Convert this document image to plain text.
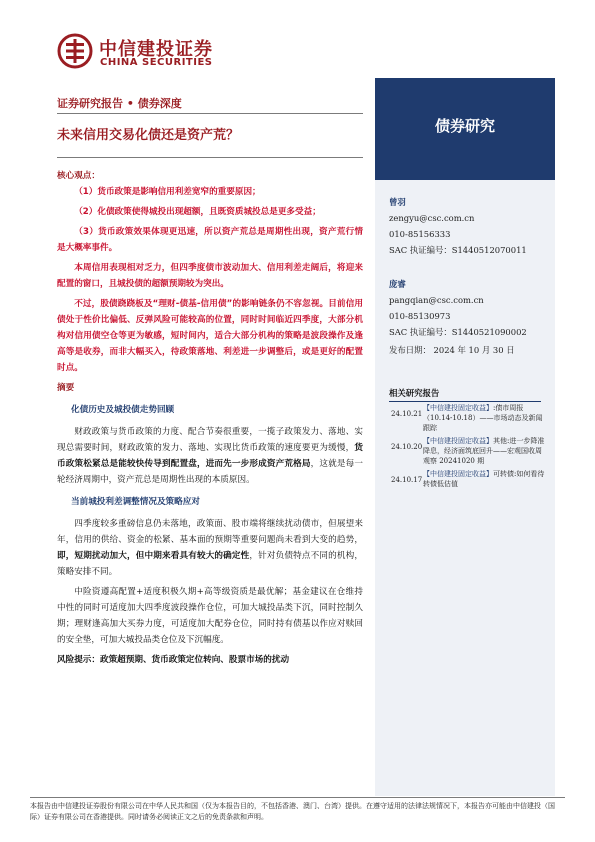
中信建投证券
CHINA SECURITIES
证券研究报告 • 债券深度
未来信用交易化债还是资产荒？
核心观点：
（1）货币政策是影响信用利差宽窄的重要原因；
（2）化债政策使得城投出现超额，且既资质城投总是更多受益；
（3）货币政策效果体现更迅速，所以资产荒总是周期性出现，资产荒行情是大概率事件。
本周信用表现相对乏力，但四季度债市波动加大、信用利差走阔后，将迎来配置的窗口，且城投债的超额预期较为突出。
不过，股债跷跷板及“理财-债基-信用债”的影响链条仍不容忽视。目前信用债处于性价比偏低、反弹风险可能较高的位置，同时时间临近四季度，大部分机构对信用债空仓等更为敏感，短时间内，适合大部分机构的策略是波段操作及逢高等是收券，而非大幅买入，待政策落地、利差进一步调整后，或是更好的配置时点。
摘要
化债历史及城投债走势回顾
财政政策与货币政策的力度、配合节奏很重要，一揽子政策发力、落地、实现总需要时间，财政政策的发力、落地、实现比货币政策的速度要更为缓慢，货币政策松紧总是能较快传导到配置盘，进而先一步形成资产荒格局，这就是每一轮经济周期中，资产荒总是周期性出现的本质原因。
当前城投利差调整情况及策略应对
四季度较多重磅信息仍未落地，政策面、股市端将继续扰动债市，但展望来年，信用的供给、资金的松紧、基本面的预期等重要问题尚未看到大变的趋势，即，短期扰动加大，但中期来看具有较大的确定性，针对负债特点不同的机构，策略安排不同。
中险资遵高配置+适度积极久期+高等级资质是最优解；基金建议在仓维持中性的同时可适度加大四季度波段操作仓位，可加大城投品类下沉，同时控制久期；理财逢高加大买券力度，可适度加大配券仓位，同时持有债基以作应对赎回的安全垫，可加大城投品类仓位及下沉幅度。
风险提示：政策超预期、货币政策定位转向、股票市场的扰动
债券研究
曾羽
zengyu@csc.com.cn
010-85156333
SAC 执证编号：S1440512070011
庞睿
pangqian@csc.com.cn
010-85130973
SAC 执证编号：S1440521090002
发布日期： 2024 年 10 月 30 日
相关研究报告
24.10.21
【中信建投固定收益】:债市周报（10.14-10.18）——市场动态及新闻跟踪
24.10.20
【中信建投固定收益】其他:进一步降准降息，经济面筑底回升——宏观国收周观察 20241020 期
24.10.17
【中信建投固定收益】可转债:如何看待转债低估值
本报告由中信建投证券股份有限公司在中华人民共和国（仅为本报告目的，不包括香港、澳门、台湾）提供。在遵守适用的法律法规情况下，本报告亦可能由中信建投（国际）证券有限公司在香港提供。同时请务必阅读正文之后的免责条款和声明。
